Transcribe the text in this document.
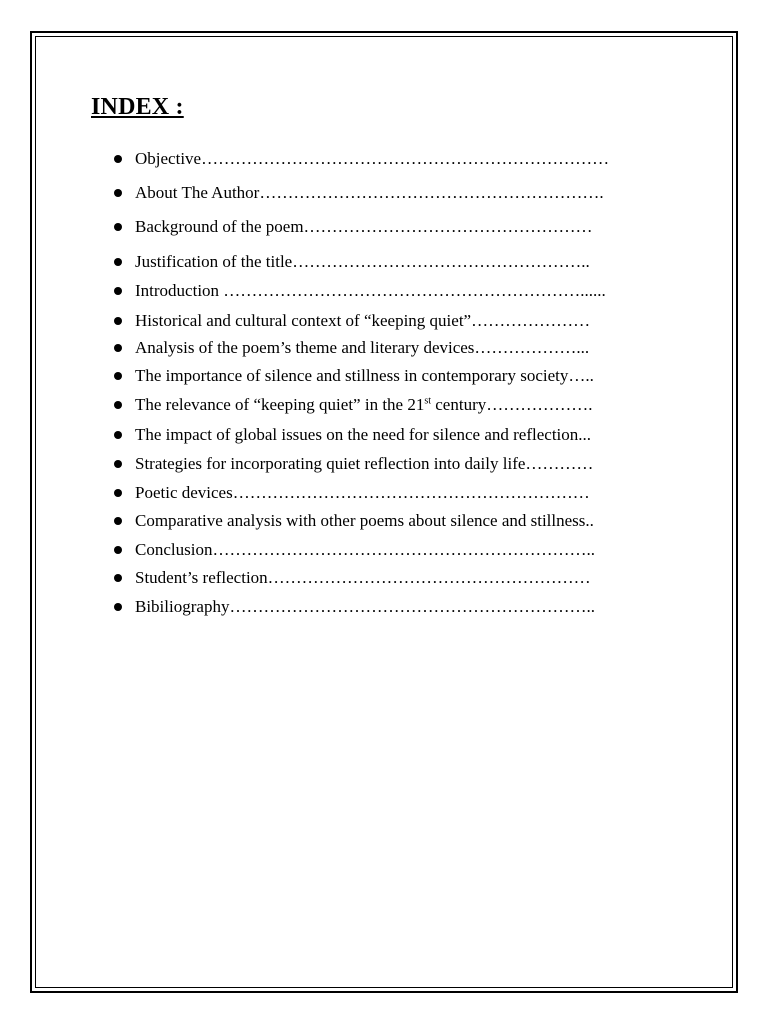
INDEX :
Objective………………………………………………………………
About The Author…………………………………………………….
Background of the poem……………………………………………
Justification of the title……………………………………………..
Introduction ………………………………………………………......
Historical and cultural context of “keeping quiet”…………………
Analysis of the poem’s theme and literary devices………………...
The importance of silence and stillness in contemporary society…..
The relevance of “keeping quiet” in the 21st century……………….
The impact of global issues on the need for silence and reflection...
Strategies for incorporating quiet reflection into daily life…………
Poetic devices………………………………………………………
Comparative analysis with other poems about silence and stillness..
Conclusion…………………………………………………………..
Student’s reflection…………………………………………………
Bibiliography………………………………………………………..
